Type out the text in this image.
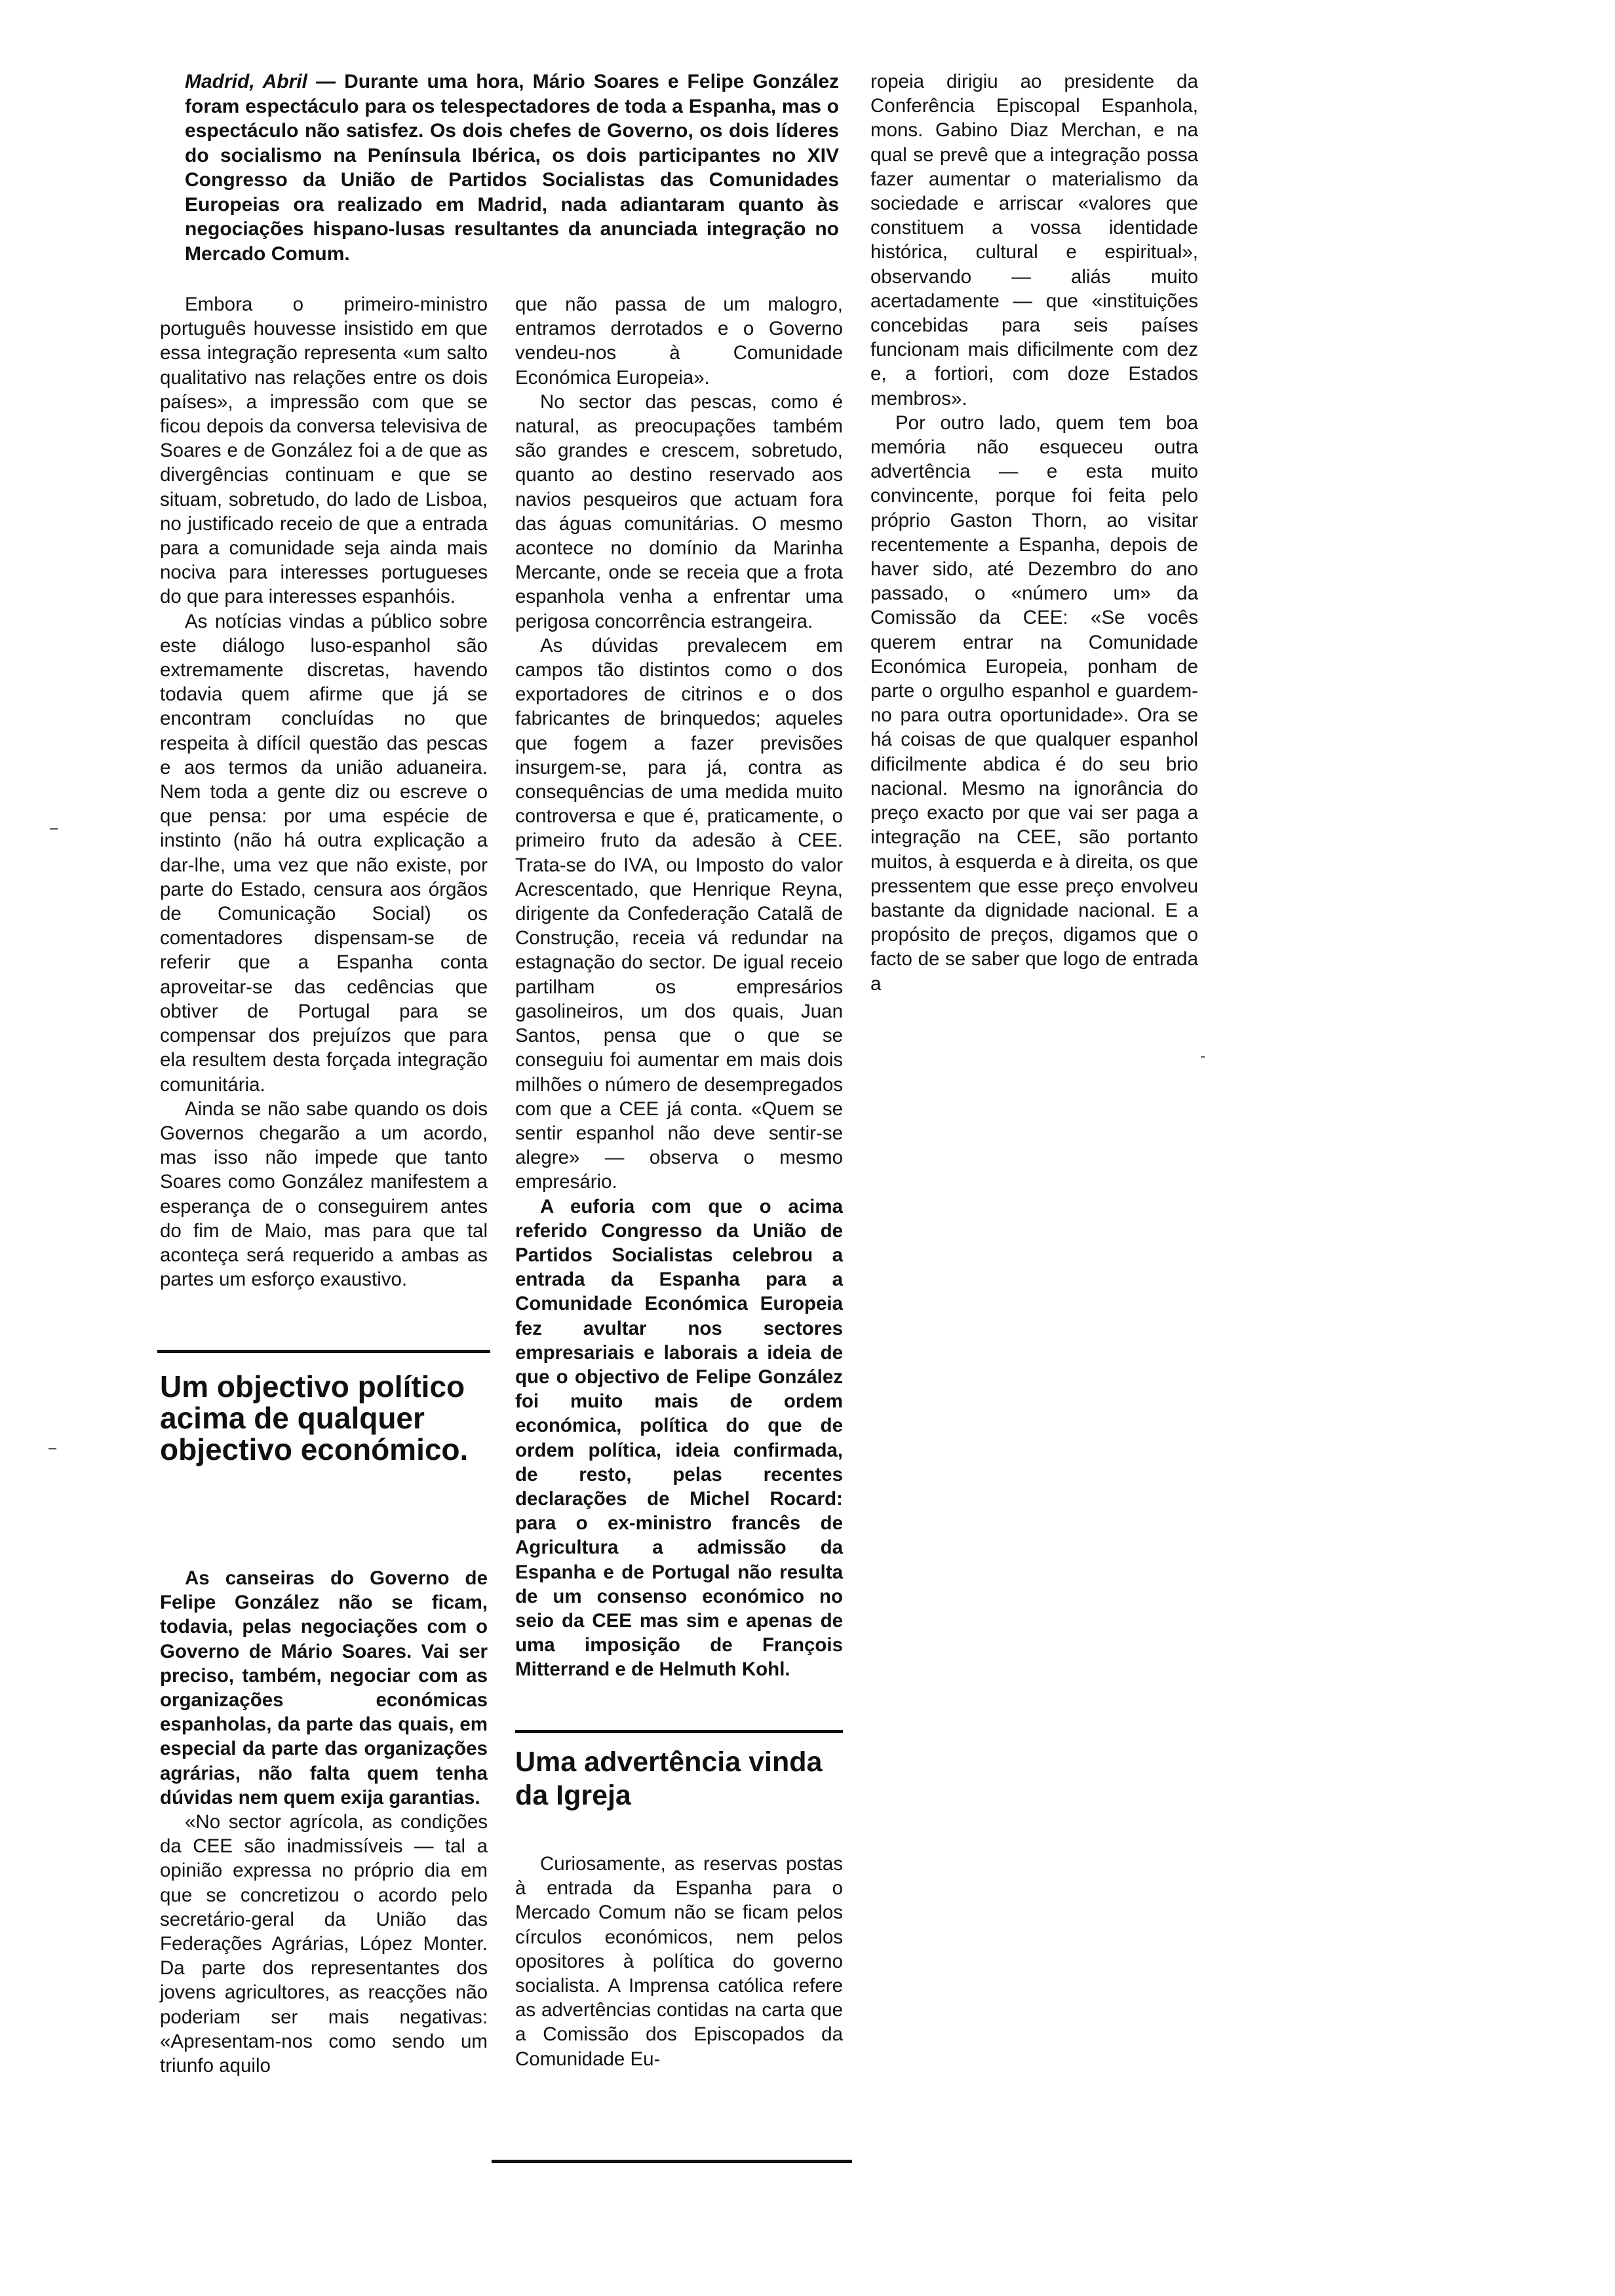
Madrid, Abril — Durante uma hora, Mário Soares e Felipe González foram espectáculo para os telespectadores de toda a Espanha, mas o espectáculo não satisfez. Os dois chefes de Governo, os dois líderes do socialismo na Península Ibérica, os dois participantes no XIV Congresso da União de Partidos Socialistas das Comunidades Europeias ora realizado em Madrid, nada adiantaram quanto às negociações hispano-lusas resultantes da anunciada integração no Mercado Comum.

Embora o primeiro-ministro português houvesse insistido em que essa integração representa «um salto qualitativo nas relações entre os dois países», a impressão com que se ficou depois da conversa televisiva de Soares e de González foi a de que as divergências continuam e que se situam, sobretudo, do lado de Lisboa, no justificado receio de que a entrada para a comunidade seja ainda mais nociva para interesses portugueses do que para interesses espanhóis.

As notícias vindas a público sobre este diálogo luso-espanhol são extremamente discretas, havendo todavia quem afirme que já se encontram concluídas no que respeita à difícil questão das pescas e aos termos da união aduaneira. Nem toda a gente diz ou escreve o que pensa: por uma espécie de instinto (não há outra explicação a dar-lhe, uma vez que não existe, por parte do Estado, censura aos órgãos de Comunicação Social) os comentadores dispensam-se de referir que a Espanha conta aproveitar-se das cedências que obtiver de Portugal para se compensar dos prejuízos que para ela resultem desta forçada integração comunitária.

Ainda se não sabe quando os dois Governos chegarão a um acordo, mas isso não impede que tanto Soares como González manifestem a esperança de o conseguirem antes do fim de Maio, mas para que tal aconteça será requerido a ambas as partes um esforço exaustivo.

Um objectivo político acima de qualquer objectivo económico.

As canseiras do Governo de Felipe González não se ficam, todavia, pelas negociações com o Governo de Mário Soares. Vai ser preciso, também, negociar com as organizações económicas espanholas, da parte das quais, em especial da parte das organizações agrárias, não falta quem tenha dúvidas nem quem exija garantias.

«No sector agrícola, as condições da CEE são inadmissíveis — tal a opinião expressa no próprio dia em que se concretizou o acordo pelo secretário-geral da União das Federações Agrárias, López Monter. Da parte dos representantes dos jovens agricultores, as reacções não poderiam ser mais negativas: «Apresentam-nos como sendo um triunfo aquilo

que não passa de um malogro, entramos derrotados e o Governo vendeu-nos à Comunidade Económica Europeia».

No sector das pescas, como é natural, as preocupações também são grandes e crescem, sobretudo, quanto ao destino reservado aos navios pesqueiros que actuam fora das águas comunitárias. O mesmo acontece no domínio da Marinha Mercante, onde se receia que a frota espanhola venha a enfrentar uma perigosa concorrência estrangeira.

As dúvidas prevalecem em campos tão distintos como o dos exportadores de citrinos e o dos fabricantes de brinquedos; aqueles que fogem a fazer previsões insurgem-se, para já, contra as consequências de uma medida muito controversa e que é, praticamente, o primeiro fruto da adesão à CEE. Trata-se do IVA, ou Imposto do valor Acrescentado, que Henrique Reyna, dirigente da Confederação Catalã de Construção, receia vá redundar na estagnação do sector. De igual receio partilham os empresários gasolineiros, um dos quais, Juan Santos, pensa que o que se conseguiu foi aumentar em mais dois milhões o número de desempregados com que a CEE já conta. «Quem se sentir espanhol não deve sentir-se alegre» — observa o mesmo empresário.

A euforia com que o acima referido Congresso da União de Partidos Socialistas celebrou a entrada da Espanha para a Comunidade Económica Europeia fez avultar nos sectores empresariais e laborais a ideia de que o objectivo de Felipe González foi muito mais de ordem económica, política do que de ordem política, ideia confirmada, de resto, pelas recentes declarações de Michel Rocard: para o ex-ministro francês de Agricultura a admissão da Espanha e de Portugal não resulta de um consenso económico no seio da CEE mas sim e apenas de uma imposição de François Mitterrand e de Helmuth Kohl.

Uma advertência vinda da Igreja

Curiosamente, as reservas postas à entrada da Espanha para o Mercado Comum não se ficam pelos círculos económicos, nem pelos opositores à política do governo socialista. A Imprensa católica refere as advertências contidas na carta que a Comissão dos Episcopados da Comunidade Eu-

ropeia dirigiu ao presidente da Conferência Episcopal Espanhola, mons. Gabino Diaz Merchan, e na qual se prevê que a integração possa fazer aumentar o materialismo da sociedade e arriscar «valores que constituem a vossa identidade histórica, cultural e espiritual», observando — aliás muito acertadamente — que «instituições concebidas para seis países funcionam mais dificilmente com dez e, a fortiori, com doze Estados membros».

Por outro lado, quem tem boa memória não esqueceu outra advertência — e esta muito convincente, porque foi feita pelo próprio Gaston Thorn, ao visitar recentemente a Espanha, depois de haver sido, até Dezembro do ano passado, o «número um» da Comissão da CEE: «Se vocês querem entrar na Comunidade Económica Europeia, ponham de parte o orgulho espanhol e guardem-no para outra oportunidade». Ora se há coisas de que qualquer espanhol dificilmente abdica é do seu brio nacional. Mesmo na ignorância do preço exacto por que vai ser paga a integração na CEE, são portanto muitos, à esquerda e à direita, os que pressentem que esse preço envolveu bastante da dignidade nacional. E a propósito de preços, digamos que o facto de se saber que logo de entrada a
